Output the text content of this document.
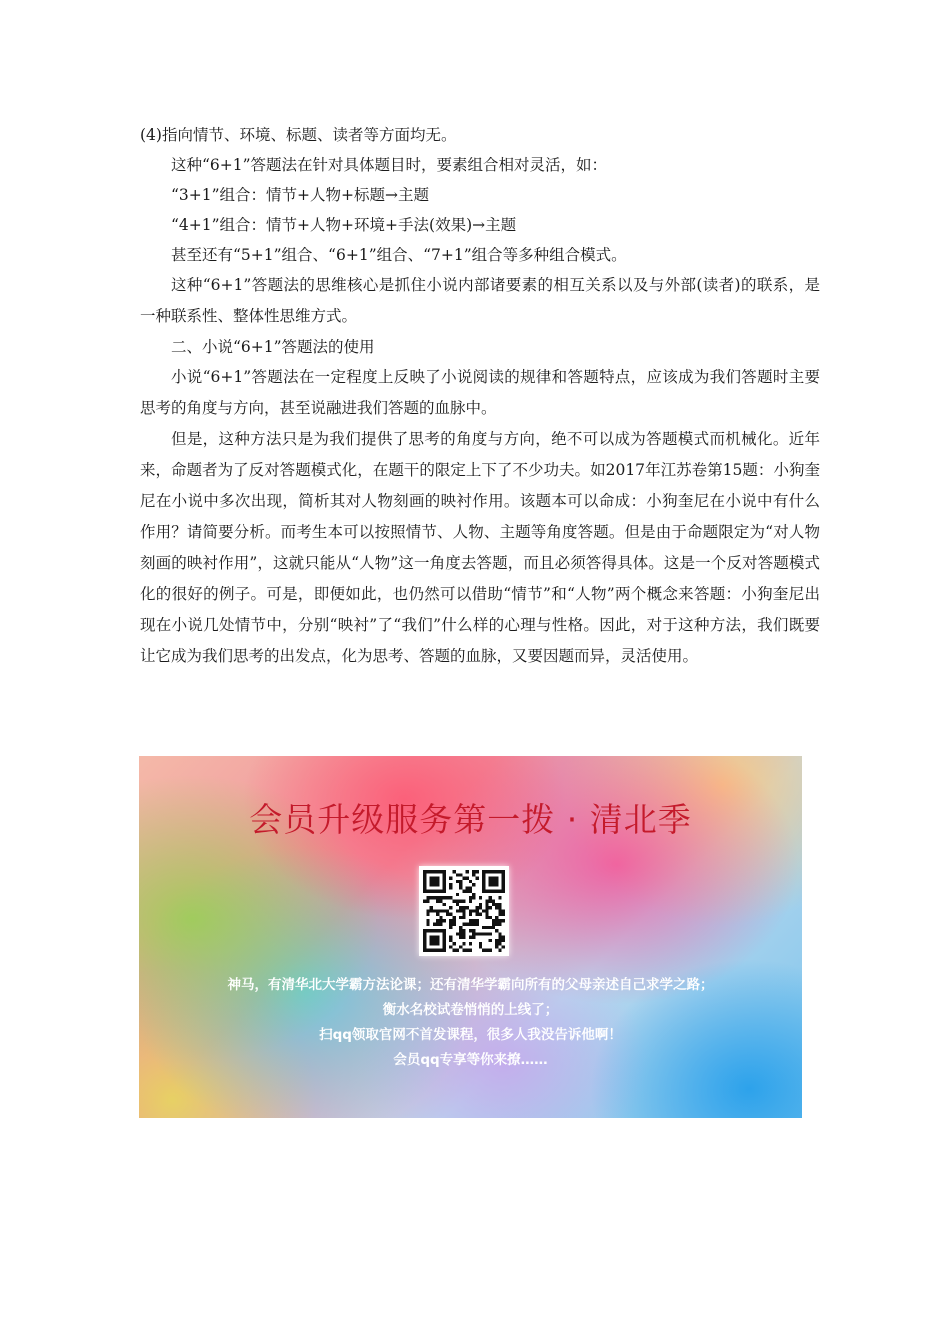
(4)指向情节、环境、标题、读者等方面均无。
这种“6+1”答题法在针对具体题目时，要素组合相对灵活，如：
“3+1”组合：情节+人物+标题→主题
“4+1”组合：情节+人物+环境+手法(效果)→主题
甚至还有“5+1”组合、“6+1”组合、“7+1”组合等多种组合模式。

这种“6+1”答题法的思维核心是抓住小说内部诸要素的相互关系以及与外部(读者)的联系，是一种联系性、整体性思维方式。

二、小说“6+1”答题法的使用

小说“6+1”答题法在一定程度上反映了小说阅读的规律和答题特点，应该成为我们答题时主要思考的角度与方向，甚至说融进我们答题的血脉中。

但是，这种方法只是为我们提供了思考的角度与方向，绝不可以成为答题模式而机械化。近年来，命题者为了反对答题模式化，在题干的限定上下了不少功夫。如2017年江苏卷第15题：小狗奎尼在小说中多次出现，简析其对人物刻画的映衬作用。该题本可以命成：小狗奎尼在小说中有什么作用？请简要分析。而考生本可以按照情节、人物、主题等角度答题。但是由于命题限定为“对人物刻画的映衬作用”，这就只能从“人物”这一角度去答题，而且必须答得具体。这是一个反对答题模式化的很好的例子。可是，即便如此，也仍然可以借助“情节”和“人物”两个概念来答题：小狗奎尼出现在小说几处情节中，分别“映衬”了“我们”什么样的心理与性格。因此，对于这种方法，我们既要让它成为我们思考的出发点，化为思考、答题的血脉，又要因题而异，灵活使用。

会员升级服务第一拨 · 清北季
神马，有清华北大学霸方法论课；还有清华学霸向所有的父母亲述自己求学之路；
衡水名校试卷悄悄的上线了；
扫qq领取官网不首发课程，很多人我没告诉他啊！
会员qq专享等你来撩……
